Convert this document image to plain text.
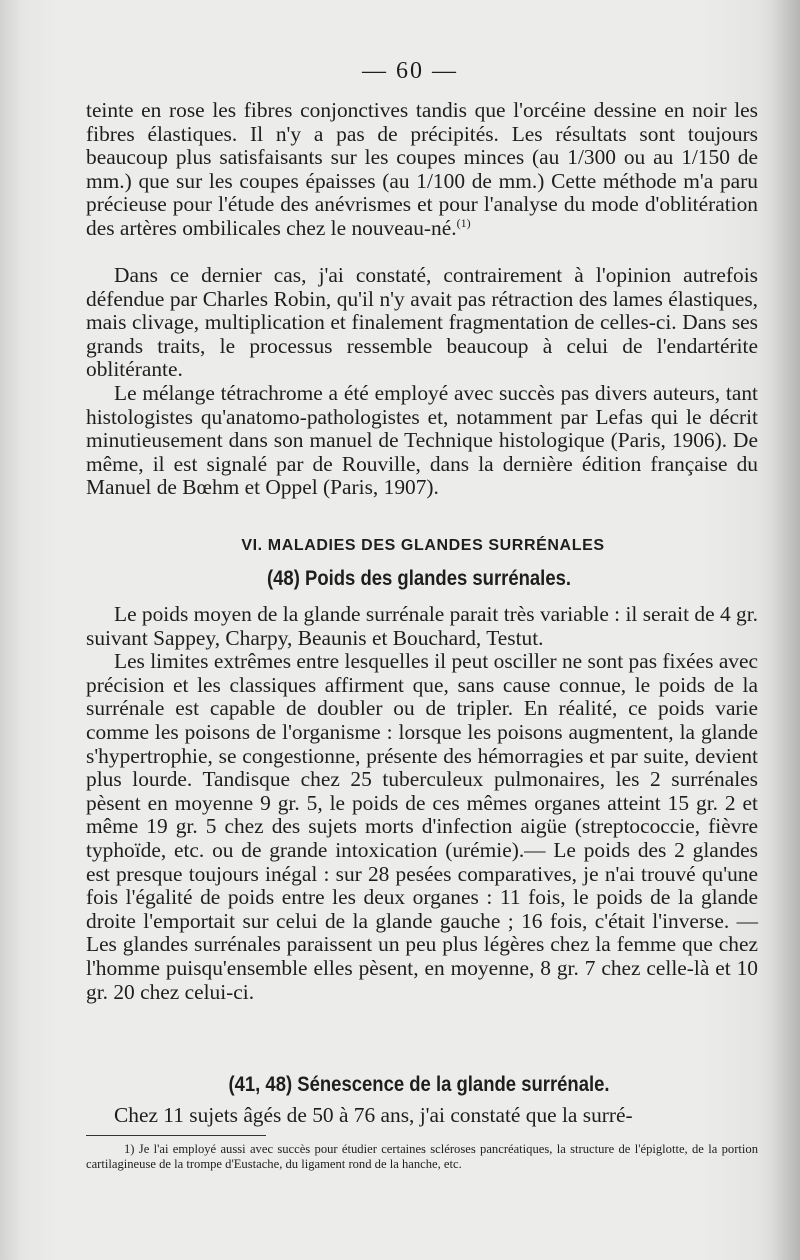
— 60 —

teinte en rose les fibres conjonctives tandis que l'orcéine dessine en noir les fibres élastiques. Il n'y a pas de précipités. Les résultats sont toujours beaucoup plus satisfaisants sur les coupes minces (au 1/300 ou au 1/150 de mm.) que sur les coupes épaisses (au 1/100 de mm.) Cette méthode m'a paru précieuse pour l'étude des anévrismes et pour l'analyse du mode d'oblitération des artères ombilicales chez le nouveau-né.$^{(1)}$

Dans ce dernier cas, j'ai constaté, contrairement à l'opinion autrefois défendue par Charles Robin, qu'il n'y avait pas rétraction des lames élastiques, mais clivage, multiplication et finalement fragmentation de celles-ci. Dans ses grands traits, le processus ressemble beaucoup à celui de l'endartérite oblitérante.

Le mélange tétrachrome a été employé avec succès pas divers auteurs, tant histologistes qu'anatomo-pathologistes et, notamment par Lefas qui le décrit minutieusement dans son manuel de Technique histologique (Paris, 1906). De même, il est signalé par de Rouville, dans la dernière édition française du Manuel de Bœhm et Oppel (Paris, 1907).

VI. MALADIES DES GLANDES SURRÉNALES
(48) Poids des glandes surrénales.

Le poids moyen de la glande surrénale parait très variable : il serait de 4 gr. suivant Sappey, Charpy, Beaunis et Bouchard, Testut.

Les limites extrêmes entre lesquelles il peut osciller ne sont pas fixées avec précision et les classiques affirment que, sans cause connue, le poids de la surrénale est capable de doubler ou de tripler. En réalité, ce poids varie comme les poisons de l'organisme : lorsque les poisons augmentent, la glande s'hypertrophie, se congestionne, présente des hémorragies et par suite, devient plus lourde. Tandisque chez 25 tuberculeux pulmonaires, les 2 surrénales pèsent en moyenne 9 gr. 5, le poids de ces mêmes organes atteint 15 gr. 2 et même 19 gr. 5 chez des sujets morts d'infection aigüe (streptococcie, fièvre typhoïde, etc. ou de grande intoxication (urémie).— Le poids des 2 glandes est presque toujours inégal : sur 28 pesées comparatives, je n'ai trouvé qu'une fois l'égalité de poids entre les deux organes : 11 fois, le poids de la glande droite l'emportait sur celui de la glande gauche ; 16 fois, c'était l'inverse. — Les glandes surrénales paraissent un peu plus légères chez la femme que chez l'homme puisqu'ensemble elles pèsent, en moyenne, 8 gr. 7 chez celle-là et 10 gr. 20 chez celui-ci.

(41, 48) Sénescence de la glande surrénale.

Chez 11 sujets âgés de 50 à 76 ans, j'ai constaté que la surré-

1) Je l'ai employé aussi avec succès pour étudier certaines scléroses pancréatiques, la structure de l'épiglotte, de la portion cartilagineuse de la trompe d'Eustache, du ligament rond de la hanche, etc.
